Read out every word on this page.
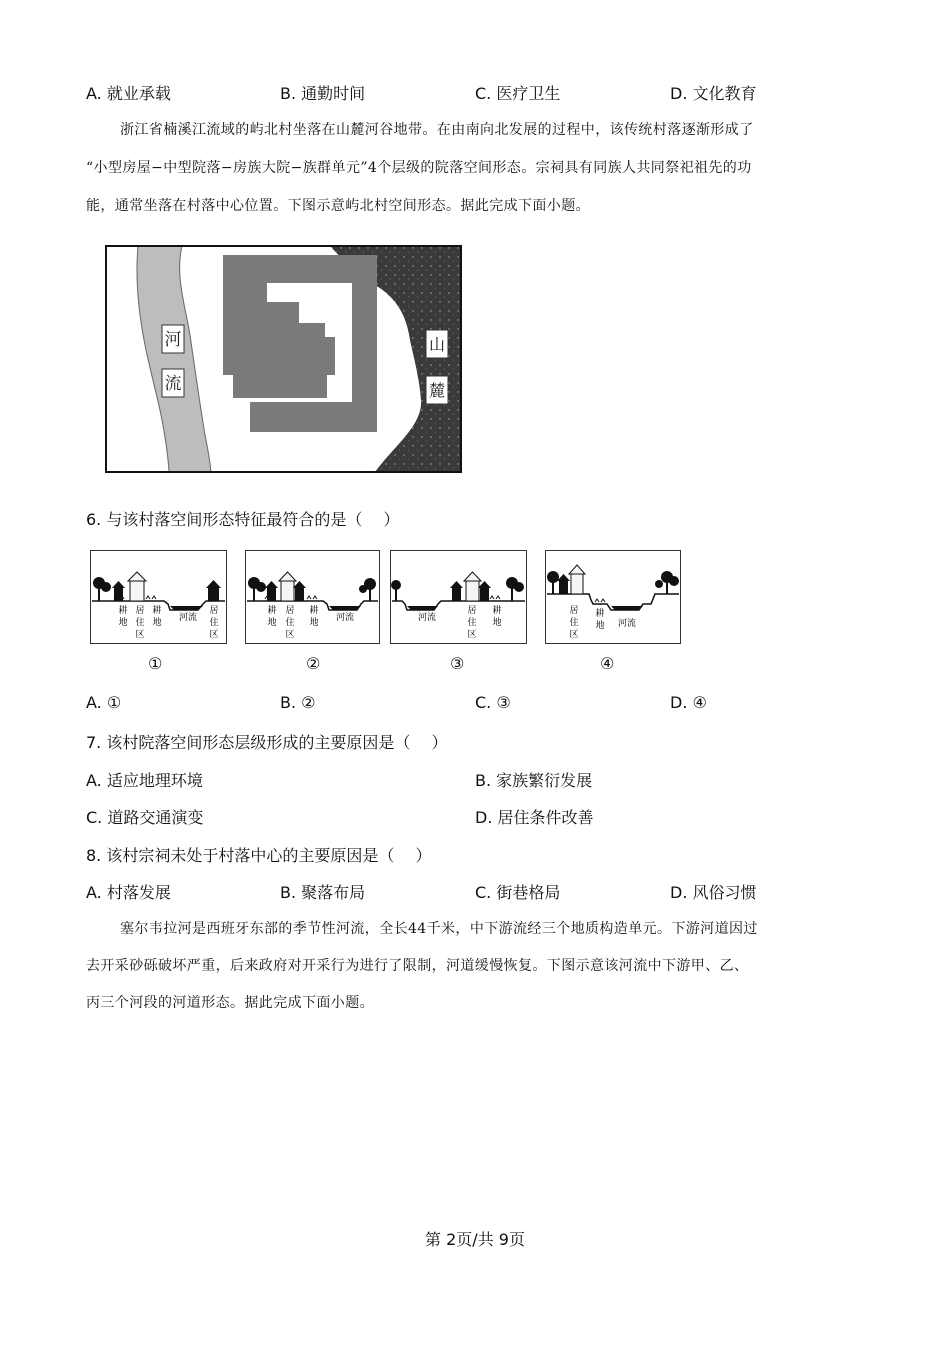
A. 就业承载	B. 通勤时间	C. 医疗卫生	D. 文化教育
浙江省楠溪江流域的屿北村坐落在山麓河谷地带。在由南向北发展的过程中，该传统村落逐渐形成了
“小型房屋−中型院落−房族大院−族群单元”4个层级的院落空间形态。宗祠具有同族人共同祭祀祖先的功
能，通常坐落在村落中心位置。下图示意屿北村空间形态。据此完成下面小题。
河
流
山
麓
6. 与该村落空间形态特征最符合的是（　 ）
耕
地
居
住
区
耕
地 河流
居
住
区
①
耕
地
居
住
区
耕
地 河流
②
河流
居
住
区
耕
地
③
居
住
区
耕
地 河流
④
A. ①	B. ②	C. ③	D. ④
7. 该村院落空间形态层级形成的主要原因是（　 ）
A. 适应地理环境	B. 家族繁衍发展
C. 道路交通演变	D. 居住条件改善
8. 该村宗祠未处于村落中心的主要原因是（　 ）
A. 村落发展	B. 聚落布局	C. 街巷格局	D. 风俗习惯
塞尔韦拉河是西班牙东部的季节性河流，全长44千米，中下游流经三个地质构造单元。下游河道因过
去开采砂砾破坏严重，后来政府对开采行为进行了限制，河道缓慢恢复。下图示意该河流中下游甲、乙、
丙三个河段的河道形态。据此完成下面小题。
第 2页/共 9页
